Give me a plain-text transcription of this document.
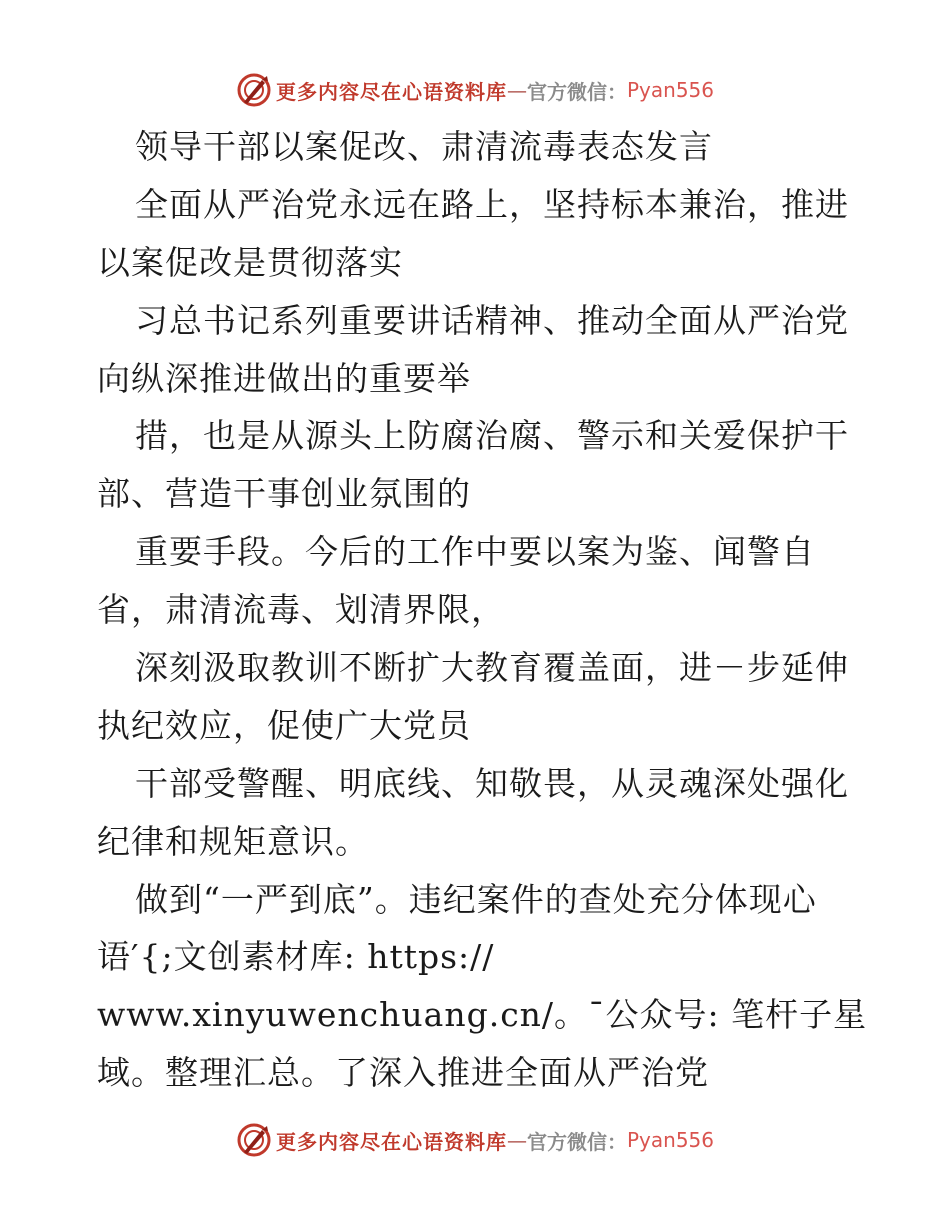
更多内容尽在心语资料库 — 官方微信： Pyan556
领导干部以案促改、肃清流毒表态发言
全面从严治党永远在路上，坚持标本兼治，推进
以案促改是贯彻落实
习总书记系列重要讲话精神、推动全面从严治党
向纵深推进做出的重要举
措，也是从源头上防腐治腐、警示和关爱保护干
部、营造干事创业氛围的
重要手段。今后的工作中要以案为鉴、闻警自
省，肃清流毒、划清界限，
深刻汲取教训不断扩大教育覆盖面，进－步延伸
执纪效应，促使广大党员
干部受警醒、明底线、知敬畏，从灵魂深处强化
纪律和规矩意识。
做到“一严到底”。违纪案件的查处充分体现心
语′{;文创素材库: https://
www.xinyuwenchuang.cn/。¯公众号: 笔杆子星
域。整理汇总。了深入推进全面从严治党
更多内容尽在心语资料库 — 官方微信： Pyan556
